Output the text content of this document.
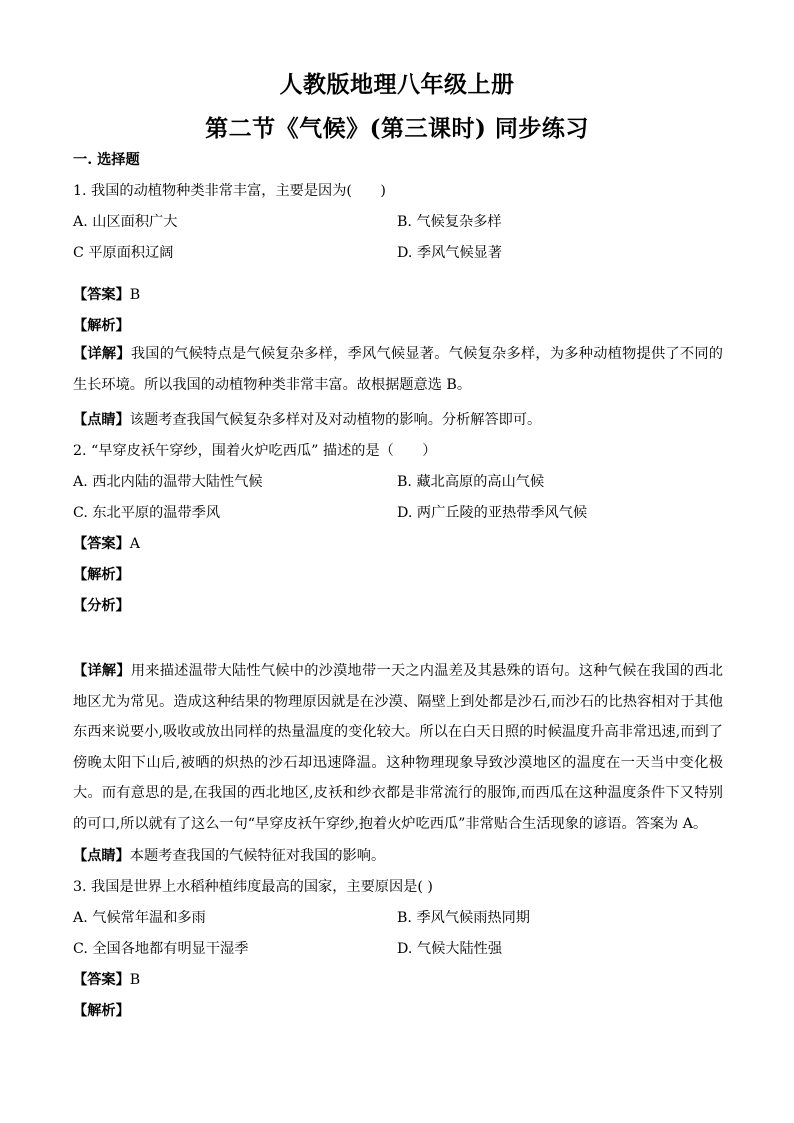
人教版地理八年级上册
第二节《气候》(第三课时) 同步练习
一. 选择题
1. 我国的动植物种类非常丰富，主要是因为(　　)
A. 山区面积广大	B. 气候复杂多样
C 平原面积辽阔	D. 季风气候显著
【答案】B
【解析】
【详解】我国的气候特点是气候复杂多样，季风气候显著。气候复杂多样，为多种动植物提供了不同的生长环境。所以我国的动植物种类非常丰富。故根据题意选 B。
【点睛】该题考查我国气候复杂多样对及对动植物的影响。分析解答即可。
2. “早穿皮袄午穿纱，围着火炉吃西瓜” 描述的是（　　）
A. 西北内陆的温带大陆性气候	B. 藏北高原的高山气候
C. 东北平原的温带季风	D. 两广丘陵的亚热带季风气候
【答案】A
【解析】
【分析】
【详解】用来描述温带大陆性气候中的沙漠地带一天之内温差及其悬殊的语句。这种气候在我国的西北地区尤为常见。造成这种结果的物理原因就是在沙漠、隔壁上到处都是沙石,而沙石的比热容相对于其他东西来说要小,吸收或放出同样的热量温度的变化较大。所以在白天日照的时候温度升高非常迅速,而到了傍晚太阳下山后,被晒的炽热的沙石却迅速降温。这种物理现象导致沙漠地区的温度在一天当中变化极大。而有意思的是,在我国的西北地区,皮袄和纱衣都是非常流行的服饰,而西瓜在这种温度条件下又特别的可口,所以就有了这么一句“早穿皮袄午穿纱,抱着火炉吃西瓜”非常贴合生活现象的谚语。答案为 A。
【点睛】本题考查我国的气候特征对我国的影响。
3. 我国是世界上水稻种植纬度最高的国家，主要原因是( )
A. 气候常年温和多雨	B. 季风气候雨热同期
C. 全国各地都有明显干湿季	D. 气候大陆性强
【答案】B
【解析】
